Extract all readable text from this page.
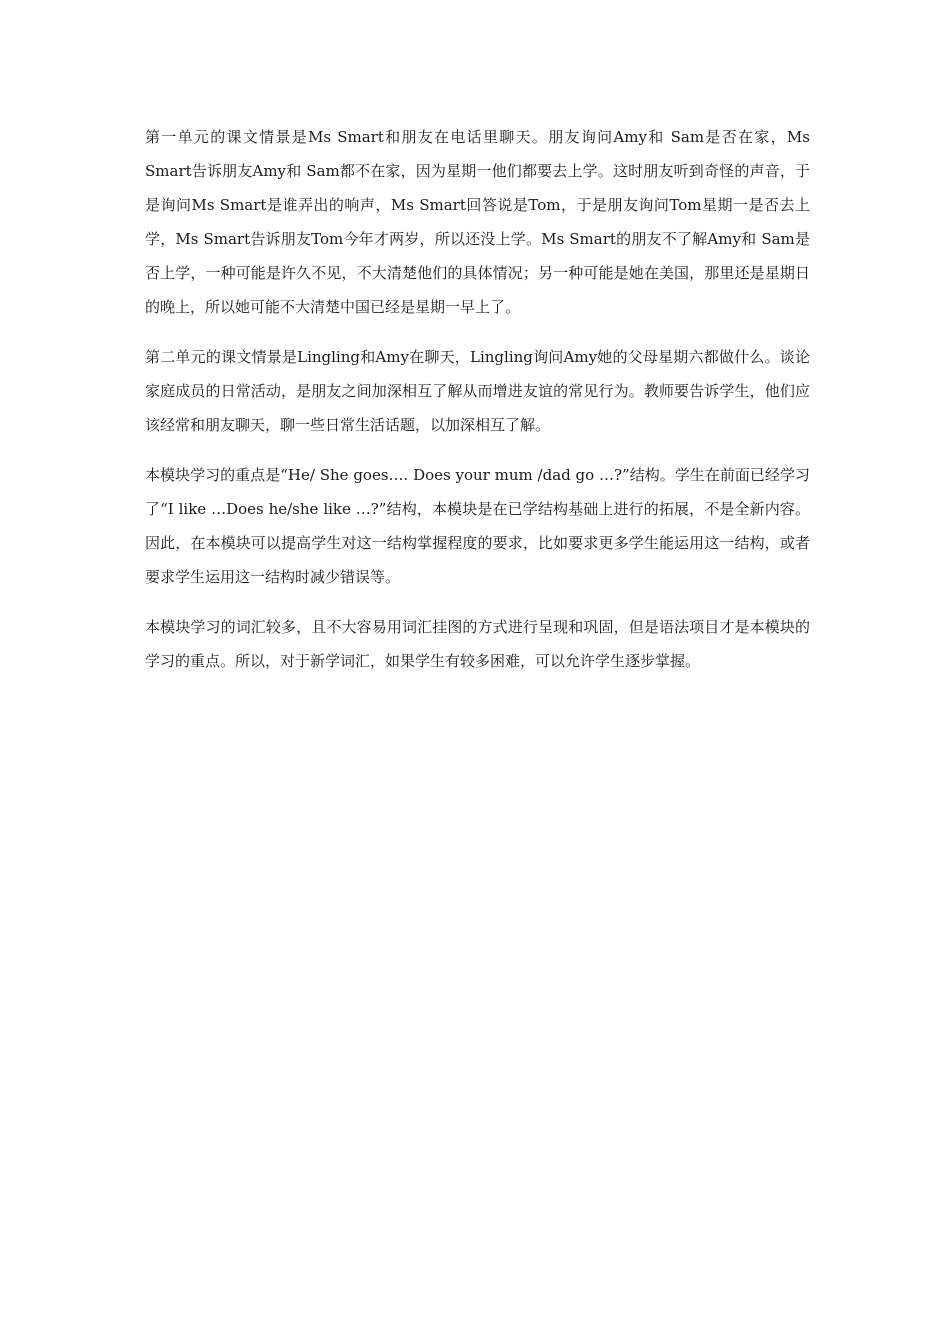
第一单元的课文情景是Ms Smart和朋友在电话里聊天。朋友询问Amy和 Sam是否在家，Ms Smart告诉朋友Amy和 Sam都不在家，因为星期一他们都要去上学。这时朋友听到奇怪的声音，于是询问Ms Smart是谁弄出的响声，Ms Smart回答说是Tom，于是朋友询问Tom星期一是否去上学，Ms Smart告诉朋友Tom今年才两岁，所以还没上学。Ms Smart的朋友不了解Amy和 Sam是否上学，一种可能是许久不见，不大清楚他们的具体情况；另一种可能是她在美国，那里还是星期日的晚上，所以她可能不大清楚中国已经是星期一早上了。

第二单元的课文情景是Lingling和Amy在聊天，Lingling询问Amy她的父母星期六都做什么。谈论家庭成员的日常活动，是朋友之间加深相互了解从而增进友谊的常见行为。教师要告诉学生，他们应该经常和朋友聊天，聊一些日常生活话题，以加深相互了解。

本模块学习的重点是“He/ She goes…. Does your mum /dad go …?”结构。学生在前面已经学习了“I like …Does he/she like …?”结构，本模块是在已学结构基础上进行的拓展，不是全新内容。因此，在本模块可以提高学生对这一结构掌握程度的要求，比如要求更多学生能运用这一结构，或者要求学生运用这一结构时减少错误等。

本模块学习的词汇较多，且不大容易用词汇挂图的方式进行呈现和巩固，但是语法项目才是本模块的学习的重点。所以，对于新学词汇，如果学生有较多困难，可以允许学生逐步掌握。
